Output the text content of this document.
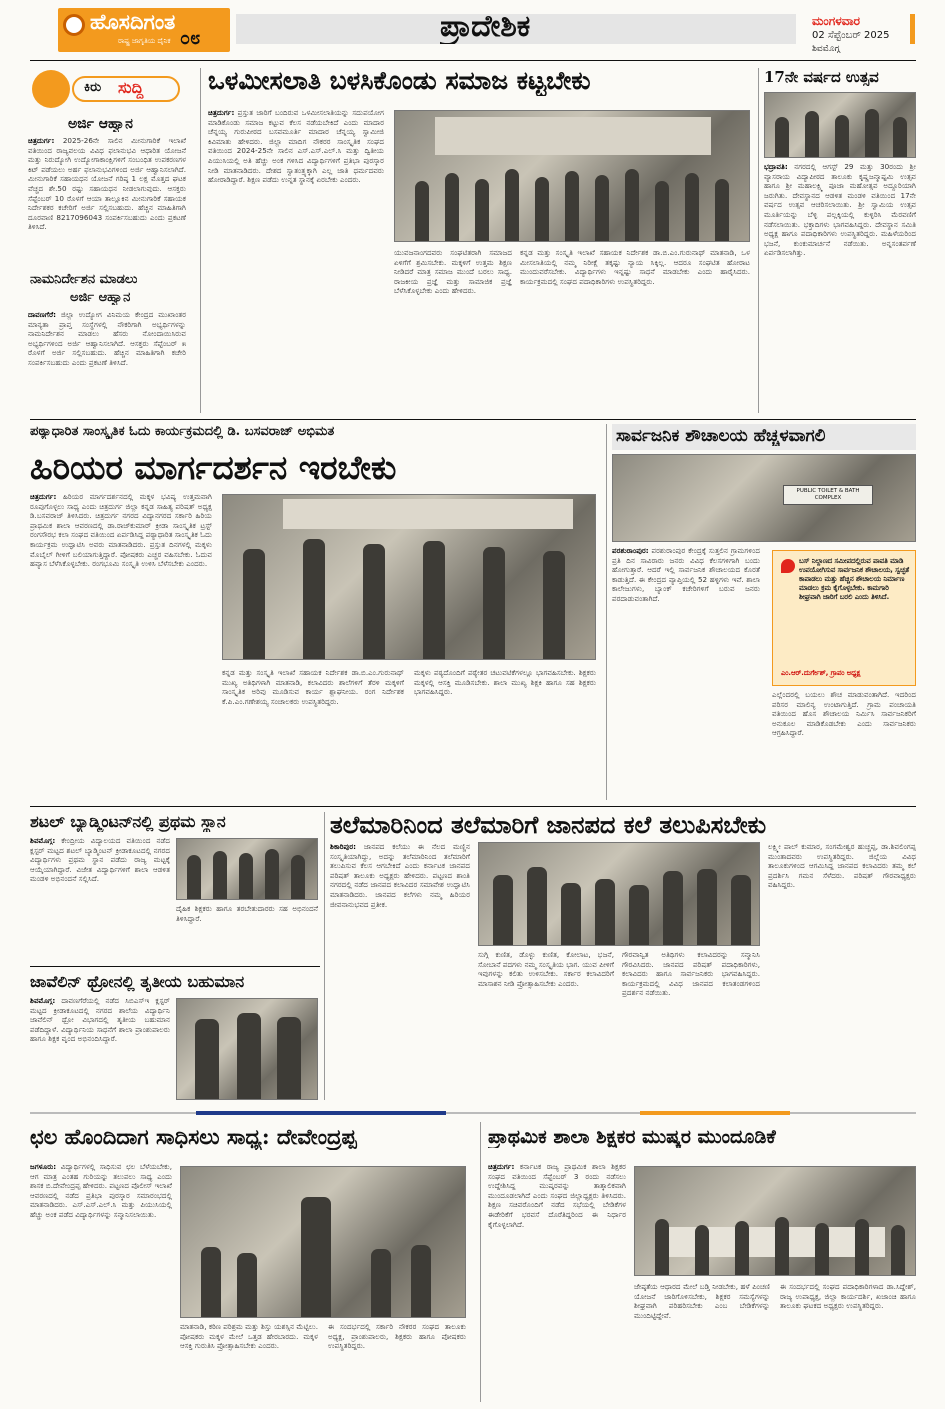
ಹೊಸದಿಗಂತ
ರಾಷ್ಟ್ರ ಜಾಗೃತಿಯ ದೈನಿಕ ೦೮	ಪ್ರಾದೇಶಿಕ	ಮಂಗಳವಾರ
02 ಸೆಪ್ಟೆಂಬರ್ 2025
ಶಿವಮೊಗ್ಗ
ಕಿರು ಸುದ್ದಿ
ಅರ್ಜಿ ಆಹ್ವಾನ
ಚಿತ್ರದುರ್ಗ: 2025-26ನೇ ಸಾಲಿನ ಮೀನುಗಾರಿಕೆ ಇಲಾಖೆ ವತಿಯಿಂದ ರಾಜ್ಯವಲಯ ವಿವಿಧ ಫಲಾನುಭವಿ ಆಧಾರಿತ ಯೋಜನೆ ಮತ್ತು ನಿರುದ್ಯೋಗಿ ಉದ್ಯೋಗಾಕಾಂಕ್ಷಿಗಳಿಗೆ ಸಂಬಂಧಿತ ಉಪಕರಣಗಳ ಕಿಟ್ ಪಡೆಯಲು ಅರ್ಹ ಫಲಾನುಭವಿಗಳಿಂದ ಅರ್ಜಿ ಆಹ್ವಾನಿಸಲಾಗಿದೆ. ಮೀನುಗಾರಿಕೆ ಸಹಾಯಧನ ಯೋಜನೆ ಗರಿಷ್ಠ 1 ಲಕ್ಷ ಮೊತ್ತದ ಘಟಕ ವೆಚ್ಚದ ಶೇ.50 ರಷ್ಟು ಸಹಾಯಧನ ನೀಡಲಾಗುವುದು. ಆಸಕ್ತರು ಸೆಪ್ಟೆಂಬರ್ 10 ರೊಳಗೆ ಆಯಾ ತಾಲ್ಲೂಕಿನ ಮೀನುಗಾರಿಕೆ ಸಹಾಯಕ ನಿರ್ದೇಶಕರ ಕಚೇರಿಗೆ ಅರ್ಜಿ ಸಲ್ಲಿಸಬಹುದು. ಹೆಚ್ಚಿನ ಮಾಹಿತಿಗಾಗಿ ದೂರವಾಣಿ 8217096043 ಸಂಪರ್ಕಿಸಬಹುದು ಎಂದು ಪ್ರಕಟಣೆ ತಿಳಿಸಿದೆ.
ನಾಮನಿರ್ದೇಶನ ಮಾಡಲು
ಅರ್ಜಿ ಆಹ್ವಾನ
ದಾವಣಗೆರೆ: ಜಿಲ್ಲಾ ಉದ್ಯೋಗ ವಿನಿಮಯ ಕೇಂದ್ರದ ಮುಖಾಂತರ ಮಾನ್ಯತಾ ಪ್ರಾಪ್ತ ಸಂಸ್ಥೆಗಳಲ್ಲಿ ನೌಕರಿಗಾಗಿ ಅಭ್ಯರ್ಥಿಗಳನ್ನು ನಾಮನಿರ್ದೇಶನ ಮಾಡಲು ಹೆಸರು ನೋಂದಾಯಿಸಿರುವ ಅಭ್ಯರ್ಥಿಗಳಿಂದ ಅರ್ಜಿ ಆಹ್ವಾನಿಸಲಾಗಿದೆ. ಆಸಕ್ತರು ಸೆಪ್ಟೆಂಬರ್ ೫ ರೊಳಗೆ ಅರ್ಜಿ ಸಲ್ಲಿಸಬಹುದು. ಹೆಚ್ಚಿನ ಮಾಹಿತಿಗಾಗಿ ಕಚೇರಿ ಸಂಪರ್ಕಿಸಬಹುದು ಎಂದು ಪ್ರಕಟಣೆ ತಿಳಿಸಿದೆ.
ಒಳಮೀಸಲಾತಿ ಬಳಸಿಕೊಂಡು ಸಮಾಜ ಕಟ್ಟಬೇಕು
ಚಿತ್ರದುರ್ಗ: ಪ್ರಸ್ತುತ ಜಾರಿಗೆ ಬಂದಿರುವ ಒಳಮೀಸಲಾತಿಯನ್ನು ಸದುಪಯೋಗ ಮಾಡಿಕೊಂಡು ಸಮಾಜ ಕಟ್ಟುವ ಕೆಲಸ ನಡೆಯಬೇಕಿದೆ ಎಂದು ಮಾದಾರ ಚೆನ್ನಯ್ಯ ಗುರುಪೀಠದ ಬಸವಮೂರ್ತಿ ಮಾದಾರ ಚೆನ್ನಯ್ಯ ಸ್ವಾಮೀಜಿ ಕಿವಿಮಾತು ಹೇಳಿದರು. ಜಿಲ್ಲಾ ಮಾದಿಗ ನೌಕರರ ಸಾಂಸ್ಕೃತಿಕ ಸಂಘದ ವತಿಯಿಂದ 2024-25ನೇ ಸಾಲಿನ ಎಸ್.ಎಸ್.ಎಲ್.ಸಿ ಮತ್ತು ದ್ವಿತೀಯ ಪಿಯುಸಿಯಲ್ಲಿ ಅತಿ ಹೆಚ್ಚು ಅಂಕ ಗಳಿಸಿದ ವಿದ್ಯಾರ್ಥಿಗಳಿಗೆ ಪ್ರತಿಭಾ ಪುರಸ್ಕಾರ ನೀಡಿ ಮಾತನಾಡಿದರು. ದೇಶದ ಸ್ವಾತಂತ್ರ್ಯಕ್ಕಾಗಿ ಎಲ್ಲ ಜಾತಿ ಧರ್ಮದವರು ಹೋರಾಡಿದ್ದಾರೆ. ಶಿಕ್ಷಣ ಪಡೆದು ಉನ್ನತ ಸ್ಥಾನಕ್ಕೆ ಏರಬೇಕು ಎಂದರು.
ಯುವಜನಾಂಗದವರು ಸಂಘಟಿತರಾಗಿ ಸಮಾಜದ ಏಳಿಗೆಗೆ ಶ್ರಮಿಸಬೇಕು. ಮಕ್ಕಳಿಗೆ ಉತ್ತಮ ಶಿಕ್ಷಣ ನೀಡಿದರೆ ಮಾತ್ರ ಸಮಾಜ ಮುಂದೆ ಬರಲು ಸಾಧ್ಯ. ರಾಜಕೀಯ ಪ್ರಜ್ಞೆ ಮತ್ತು ಸಾಮಾಜಿಕ ಪ್ರಜ್ಞೆ ಬೆಳೆಸಿಕೊಳ್ಳಬೇಕು ಎಂದು ಹೇಳಿದರು.
ಕನ್ನಡ ಮತ್ತು ಸಂಸ್ಕೃತಿ ಇಲಾಖೆ ಸಹಾಯಕ ನಿರ್ದೇಶಕ ಡಾ.ಬಿ.ಎಂ.ಗುರುನಾಥ್ ಮಾತನಾಡಿ, ಒಳ ಮೀಸಲಾತಿಯಲ್ಲಿ ನಮ್ಮ ನಿರೀಕ್ಷೆ ತಕ್ಕಷ್ಟು ನ್ಯಾಯ ಸಿಕ್ಕಿಲ್ಲ. ಆದರೂ ಸಂಘಟಿತ ಹೋರಾಟ ಮುಂದುವರೆಸಬೇಕು. ವಿದ್ಯಾರ್ಥಿಗಳು ಇನ್ನಷ್ಟು ಸಾಧನೆ ಮಾಡಬೇಕು ಎಂದು ಹಾರೈಸಿದರು. ಕಾರ್ಯಕ್ರಮದಲ್ಲಿ ಸಂಘದ ಪದಾಧಿಕಾರಿಗಳು ಉಪಸ್ಥಿತರಿದ್ದರು.
17ನೇ ವರ್ಷದ ಉತ್ಸವ
ಭದ್ರಾವತಿ: ನಗರದಲ್ಲಿ ಆಗಸ್ಟ್ 29 ಮತ್ತು 30ರಂದು ಶ್ರೀ ವ್ಯಾಸರಾಯ ವಿದ್ಯಾಪೀಠದ ತಾಲೂಕು ಕೃಷ್ಣಜನ್ಮಾಷ್ಟಮಿ ಉತ್ಸವ ಹಾಗೂ ಶ್ರೀ ಮಹಾಲಕ್ಷ್ಮಿ ಪೂಜಾ ಮಹೋತ್ಸವ ಅದ್ದೂರಿಯಾಗಿ ಜರುಗಿತು. ದೇವಸ್ಥಾನದ ಆಡಳಿತ ಮಂಡಳಿ ವತಿಯಿಂದ 17ನೇ ವರ್ಷದ ಉತ್ಸವ ಆಚರಿಸಲಾಯಿತು. ಶ್ರೀ ಸ್ವಾಮಿಯ ಉತ್ಸವ ಮೂರ್ತಿಯನ್ನು ಬೆಳ್ಳಿ ಪಲ್ಲಕ್ಕಿಯಲ್ಲಿ ಕುಳ್ಳಿರಿಸಿ ಮೆರವಣಿಗೆ ನಡೆಸಲಾಯಿತು. ಭಕ್ತಾದಿಗಳು ಭಾಗವಹಿಸಿದ್ದರು. ದೇವಸ್ಥಾನ ಸಮಿತಿ ಅಧ್ಯಕ್ಷ ಹಾಗೂ ಪದಾಧಿಕಾರಿಗಳು ಉಪಸ್ಥಿತರಿದ್ದರು. ಮಹಿಳೆಯರಿಂದ ಭಜನೆ, ಕುಂಕುಮಾರ್ಚನೆ ನಡೆಯಿತು. ಅನ್ನಸಂತರ್ಪಣೆ ಏರ್ಪಡಿಸಲಾಗಿತ್ತು.
ಪಠ್ಯಾಧಾರಿತ ಸಾಂಸ್ಕೃತಿಕ ಓದು ಕಾರ್ಯಕ್ರಮದಲ್ಲಿ ಡಿ. ಬಸವರಾಜ್ ಅಭಿಮತ
ಹಿರಿಯರ ಮಾರ್ಗದರ್ಶನ ಇರಬೇಕು
ಚಿತ್ರದುರ್ಗ: ಹಿರಿಯರ ಮಾರ್ಗದರ್ಶನದಲ್ಲಿ ಮಕ್ಕಳ ಭವಿಷ್ಯ ಉತ್ತಮವಾಗಿ ರೂಪುಗೊಳ್ಳಲು ಸಾಧ್ಯ ಎಂದು ಚಿತ್ರದುರ್ಗ ಜಿಲ್ಲಾ ಕನ್ನಡ ಸಾಹಿತ್ಯ ಪರಿಷತ್ ಅಧ್ಯಕ್ಷ ಡಿ.ಬಸವರಾಜ್ ತಿಳಿಸಿದರು. ಚಿತ್ರದುರ್ಗ ನಗರದ ವಿದ್ಯಾನಗರದ ಸರ್ಕಾರಿ ಹಿರಿಯ ಪ್ರಾಥಮಿಕ ಶಾಲಾ ಆವರಣದಲ್ಲಿ ಡಾ.ರಾಜ್‍ಕುಮಾರ್ ಕ್ರೀಡಾ ಸಾಂಸ್ಕೃತಿಕ ಟ್ರಸ್ಟ್ ರಂಗಸೌರಭ ಕಲಾ ಸಂಘದ ವತಿಯಿಂದ ಏರ್ಪಡಿಸಿದ್ದ ಪಠ್ಯಾಧಾರಿತ ಸಾಂಸ್ಕೃತಿಕ ಓದು ಕಾರ್ಯಕ್ರಮ ಉದ್ಘಾಟಿಸಿ ಅವರು ಮಾತನಾಡಿದರು. ಪ್ರಸ್ತುತ ದಿನಗಳಲ್ಲಿ ಮಕ್ಕಳು ಮೊಬೈಲ್ ಗೀಳಿಗೆ ಬಲಿಯಾಗುತ್ತಿದ್ದಾರೆ. ಪೋಷಕರು ಎಚ್ಚರ ವಹಿಸಬೇಕು. ಓದುವ ಹವ್ಯಾಸ ಬೆಳೆಸಿಕೊಳ್ಳಬೇಕು. ರಂಗಭೂಮಿ ಸಂಸ್ಕೃತಿ ಉಳಿಸಿ ಬೆಳೆಸಬೇಕು ಎಂದರು.
ಕನ್ನಡ ಮತ್ತು ಸಂಸ್ಕೃತಿ ಇಲಾಖೆ ಸಹಾಯಕ ನಿರ್ದೇಶಕ ಡಾ.ಬಿ.ಎಂ.ಗುರುನಾಥ್ ಮುಖ್ಯ ಅತಿಥಿಗಳಾಗಿ ಮಾತನಾಡಿ, ಕಲಾವಿದರು ಶಾಲೆಗಳಿಗೆ ತೆರಳಿ ಮಕ್ಕಳಿಗೆ ಸಾಂಸ್ಕೃತಿಕ ಅರಿವು ಮೂಡಿಸುವ ಕಾರ್ಯ ಶ್ಲಾಘನೀಯ. ರಂಗ ನಿರ್ದೇಶಕ ಕೆ.ಪಿ.ಎಂ.ಗಣೇಶಯ್ಯ ಸಂಚಾಲಕರು ಉಪಸ್ಥಿತರಿದ್ದರು.
ಮಕ್ಕಳು ಪಠ್ಯದೊಂದಿಗೆ ಪಠ್ಯೇತರ ಚಟುವಟಿಕೆಗಳಲ್ಲೂ ಭಾಗವಹಿಸಬೇಕು. ಶಿಕ್ಷಕರು ಮಕ್ಕಳಲ್ಲಿ ಆಸಕ್ತಿ ಮೂಡಿಸಬೇಕು. ಶಾಲಾ ಮುಖ್ಯ ಶಿಕ್ಷಕಿ ಹಾಗೂ ಸಹ ಶಿಕ್ಷಕರು ಭಾಗವಹಿಸಿದ್ದರು.
ಸಾರ್ವಜನಿಕ ಶೌಚಾಲಯ ಹೆಚ್ಚಳವಾಗಲಿ
PUBLIC TOILET & BATH COMPLEX
ಪರಶುರಾಂಪುರ: ಪರಶುರಾಂಪುರ ಕೇಂದ್ರಕ್ಕೆ ಸುತ್ತಲಿನ ಗ್ರಾಮಗಳಿಂದ ಪ್ರತಿ ದಿನ ಸಾವಿರಾರು ಜನರು ವಿವಿಧ ಕೆಲಸಗಳಿಗಾಗಿ ಬಂದು ಹೋಗುತ್ತಾರೆ. ಆದರೆ ಇಲ್ಲಿ ಸಾರ್ವಜನಿಕ ಶೌಚಾಲಯದ ಕೊರತೆ ಕಾಡುತ್ತಿದೆ. ಈ ಕೇಂದ್ರದ ವ್ಯಾಪ್ತಿಯಲ್ಲಿ 52 ಹಳ್ಳಿಗಳು ಇವೆ. ಶಾಲಾ ಕಾಲೇಜುಗಳು, ಬ್ಯಾಂಕ್ ಕಚೇರಿಗಳಿಗೆ ಬರುವ ಜನರು ಪರದಾಡುವಂತಾಗಿದೆ.
ಬಸ್ ನಿಲ್ದಾಣದ ಸಮೀಪದಲ್ಲಿರುವ ಪಾವತಿ ಮಾಡಿ ಉಪಯೋಗಿಸುವ ಸಾರ್ವಜನಿಕ ಶೌಚಾಲಯ, ಸ್ವಚ್ಛತೆ ಕಾಪಾಡಲು ಮತ್ತು ಹೆಚ್ಚಿನ ಶೌಚಾಲಯ ನಿರ್ಮಾಣ ಮಾಡಲು ಕ್ರಮ ಕೈಗೊಳ್ಳಬೇಕು. ಕಾಮಗಾರಿ ಶೀಘ್ರವಾಗಿ ಜಾರಿಗೆ ಬರಲಿ ಎಂದು ತಿಳಿಸಿದೆ.
ಎಂ.ಆರ್.ದುರ್ಗೇಶ್, ಗ್ರಾಪಂ ಅಧ್ಯಕ್ಷ
ಎಲ್ಲೆಂದರಲ್ಲಿ ಬಯಲು ಶೌಚ ಮಾಡುವಂತಾಗಿದೆ. ಇದರಿಂದ ಪರಿಸರ ಮಾಲಿನ್ಯ ಉಂಟಾಗುತ್ತಿದೆ. ಗ್ರಾಮ ಪಂಚಾಯತಿ ವತಿಯಿಂದ ಹೊಸ ಶೌಚಾಲಯ ನಿರ್ಮಿಸಿ ಸಾರ್ವಜನಿಕರಿಗೆ ಅನುಕೂಲ ಮಾಡಿಕೊಡಬೇಕು ಎಂದು ಸಾರ್ವಜನಿಕರು ಆಗ್ರಹಿಸಿದ್ದಾರೆ.
ಶಟಲ್ ಬ್ಯಾಡ್ಮಿಂಟನ್‍ನಲ್ಲಿ ಪ್ರಥಮ ಸ್ಥಾನ
ಶಿವಮೊಗ್ಗ: ಕೇಂದ್ರೀಯ ವಿದ್ಯಾಲಯದ ವತಿಯಿಂದ ನಡೆದ ಕ್ಲಸ್ಟರ್ ಮಟ್ಟದ ಶಟಲ್ ಬ್ಯಾಡ್ಮಿಂಟನ್ ಕ್ರೀಡಾಕೂಟದಲ್ಲಿ ನಗರದ ವಿದ್ಯಾರ್ಥಿಗಳು ಪ್ರಥಮ ಸ್ಥಾನ ಪಡೆದು ರಾಜ್ಯ ಮಟ್ಟಕ್ಕೆ ಆಯ್ಕೆಯಾಗಿದ್ದಾರೆ. ವಿಜೇತ ವಿದ್ಯಾರ್ಥಿಗಳಿಗೆ ಶಾಲಾ ಆಡಳಿತ ಮಂಡಳಿ ಅಭಿನಂದನೆ ಸಲ್ಲಿಸಿದೆ.
ದೈಹಿಕ ಶಿಕ್ಷಕರು ಹಾಗೂ ತರಬೇತುದಾರರು ಸಹ ಅಭಿನಂದನೆ ತಿಳಿಸಿದ್ದಾರೆ.
ಜಾವೆಲಿನ್ ಥ್ರೋನಲ್ಲಿ ತೃತೀಯ ಬಹುಮಾನ
ಶಿವಮೊಗ್ಗ: ದಾವಣಗೆರೆಯಲ್ಲಿ ನಡೆದ ಸಿಬಿಎಸ್‍ಇ ಕ್ಲಸ್ಟರ್ ಮಟ್ಟದ ಕ್ರೀಡಾಕೂಟದಲ್ಲಿ ನಗರದ ಶಾಲೆಯ ವಿದ್ಯಾರ್ಥಿನಿ ಜಾವೆಲಿನ್ ಥ್ರೋ ವಿಭಾಗದಲ್ಲಿ ತೃತೀಯ ಬಹುಮಾನ ಪಡೆದಿದ್ದಾಳೆ. ವಿದ್ಯಾರ್ಥಿನಿಯ ಸಾಧನೆಗೆ ಶಾಲಾ ಪ್ರಾಂಶುಪಾಲರು ಹಾಗೂ ಶಿಕ್ಷಕ ವೃಂದ ಅಭಿನಂದಿಸಿದ್ದಾರೆ.
ತಲೆಮಾರಿನಿಂದ ತಲೆಮಾರಿಗೆ ಜಾನಪದ ಕಲೆ ತಲುಪಿಸಬೇಕು
ಶಿಕಾರಿಪುರ: ಜಾನಪದ ಕಲೆಯು ಈ ನೆಲದ ಮಣ್ಣಿನ ಸಂಸ್ಕೃತಿಯಾಗಿದ್ದು, ಅದನ್ನು ತಲೆಮಾರಿನಿಂದ ತಲೆಮಾರಿಗೆ ತಲುಪಿಸುವ ಕೆಲಸ ಆಗಬೇಕಿದೆ ಎಂದು ಕರ್ನಾಟಕ ಜಾನಪದ ಪರಿಷತ್ ತಾಲೂಕು ಅಧ್ಯಕ್ಷರು ಹೇಳಿದರು. ಪಟ್ಟಣದ ಶಾಂತಿ ನಗರದಲ್ಲಿ ನಡೆದ ಜಾನಪದ ಕಲಾವಿದರ ಸಮಾವೇಶ ಉದ್ಘಾಟಿಸಿ ಮಾತನಾಡಿದರು. ಜಾನಪದ ಕಲೆಗಳು ನಮ್ಮ ಹಿರಿಯರ ಜೀವನಾನುಭವದ ಪ್ರತೀಕ.
ಸುಗ್ಗಿ ಕುಣಿತ, ಡೊಳ್ಳು ಕುಣಿತ, ಕೋಲಾಟ, ಭಜನೆ, ಸೋಬಾನೆ ಪದಗಳು ನಮ್ಮ ಸಂಸ್ಕೃತಿಯ ಭಾಗ. ಯುವ ಪೀಳಿಗೆ ಇವುಗಳನ್ನು ಕಲಿತು ಉಳಿಸಬೇಕು. ಸರ್ಕಾರ ಕಲಾವಿದರಿಗೆ ಮಾಸಾಶನ ನೀಡಿ ಪ್ರೋತ್ಸಾಹಿಸಬೇಕು ಎಂದರು.
ಗೌರವಾನ್ವಿತ ಅತಿಥಿಗಳು ಕಲಾವಿದರನ್ನು ಸನ್ಮಾನಿಸಿ ಗೌರವಿಸಿದರು. ಜಾನಪದ ಪರಿಷತ್ ಪದಾಧಿಕಾರಿಗಳು, ಕಲಾವಿದರು ಹಾಗೂ ಸಾರ್ವಜನಿಕರು ಭಾಗವಹಿಸಿದ್ದರು. ಕಾರ್ಯಕ್ರಮದಲ್ಲಿ ವಿವಿಧ ಜಾನಪದ ಕಲಾತಂಡಗಳಿಂದ ಪ್ರದರ್ಶನ ನಡೆಯಿತು.
ಲಕ್ಷ್ಮೀ ಪಾಲ್ ಕುಮಾರ, ಸಂಗಮೇಶ್ವರ ಹುಚ್ಚಪ್ಪ, ಡಾ.ಶಿವಲಿಂಗಪ್ಪ ಮುಂತಾದವರು ಉಪಸ್ಥಿತರಿದ್ದರು. ಜಿಲ್ಲೆಯ ವಿವಿಧ ತಾಲೂಕುಗಳಿಂದ ಆಗಮಿಸಿದ್ದ ಜಾನಪದ ಕಲಾವಿದರು ತಮ್ಮ ಕಲೆ ಪ್ರದರ್ಶಿಸಿ ಗಮನ ಸೆಳೆದರು. ಪರಿಷತ್ ಗೌರವಾಧ್ಯಕ್ಷರು ವಹಿಸಿದ್ದರು.
ಛಲ ಹೊಂದಿದಾಗ ಸಾಧಿಸಲು ಸಾಧ್ಯ: ದೇವೇಂದ್ರಪ್ಪ
ಜಗಳೂರು: ವಿದ್ಯಾರ್ಥಿಗಳಲ್ಲಿ ಸಾಧಿಸುವ ಛಲ ಬೆಳೆಯಬೇಕು, ಆಗ ಮಾತ್ರ ಎಂತಹ ಗುರಿಯನ್ನು ತಲುಪಲು ಸಾಧ್ಯ ಎಂದು ಶಾಸಕ ಬಿ.ದೇವೇಂದ್ರಪ್ಪ ಹೇಳಿದರು. ಪಟ್ಟಣದ ಪೊಲೀಸ್ ಇಲಾಖೆ ಆವರಣದಲ್ಲಿ ನಡೆದ ಪ್ರತಿಭಾ ಪುರಸ್ಕಾರ ಸಮಾರಂಭದಲ್ಲಿ ಮಾತನಾಡಿದರು. ಎಸ್.ಎಸ್.ಎಲ್.ಸಿ ಮತ್ತು ಪಿಯುಸಿಯಲ್ಲಿ ಹೆಚ್ಚು ಅಂಕ ಪಡೆದ ವಿದ್ಯಾರ್ಥಿಗಳನ್ನು ಸನ್ಮಾನಿಸಲಾಯಿತು.
ಮಾತನಾಡಿ, ಕಠಿಣ ಪರಿಶ್ರಮ ಮತ್ತು ಶಿಸ್ತು ಯಶಸ್ಸಿನ ಮೆಟ್ಟಿಲು. ಪೋಷಕರು ಮಕ್ಕಳ ಮೇಲೆ ಒತ್ತಡ ಹೇರಬಾರದು. ಮಕ್ಕಳ ಆಸಕ್ತಿ ಗುರುತಿಸಿ ಪ್ರೋತ್ಸಾಹಿಸಬೇಕು ಎಂದರು.
ಈ ಸಂದರ್ಭದಲ್ಲಿ ಸರ್ಕಾರಿ ನೌಕರರ ಸಂಘದ ತಾಲೂಕು ಅಧ್ಯಕ್ಷ, ಪ್ರಾಂಶುಪಾಲರು, ಶಿಕ್ಷಕರು ಹಾಗೂ ಪೋಷಕರು ಉಪಸ್ಥಿತರಿದ್ದರು.
ಪ್ರಾಥಮಿಕ ಶಾಲಾ ಶಿಕ್ಷಕರ ಮುಷ್ಕರ ಮುಂದೂಡಿಕೆ
ಚಿತ್ರದುರ್ಗ: ಕರ್ನಾಟಕ ರಾಜ್ಯ ಪ್ರಾಥಮಿಕ ಶಾಲಾ ಶಿಕ್ಷಕರ ಸಂಘದ ವತಿಯಿಂದ ಸೆಪ್ಟೆಂಬರ್ 3 ರಂದು ನಡೆಸಲು ಉದ್ದೇಶಿಸಿದ್ದ ಮುಷ್ಕರವನ್ನು ತಾತ್ಕಾಲಿಕವಾಗಿ ಮುಂದೂಡಲಾಗಿದೆ ಎಂದು ಸಂಘದ ಜಿಲ್ಲಾಧ್ಯಕ್ಷರು ತಿಳಿಸಿದರು. ಶಿಕ್ಷಣ ಸಚಿವರೊಂದಿಗೆ ನಡೆದ ಸಭೆಯಲ್ಲಿ ಬೇಡಿಕೆಗಳ ಈಡೇರಿಕೆಗೆ ಭರವಸೆ ದೊರೆತಿದ್ದರಿಂದ ಈ ನಿರ್ಧಾರ ಕೈಗೊಳ್ಳಲಾಗಿದೆ.
ಜೇಷ್ಠತೆಯ ಆಧಾರದ ಮೇಲೆ ಬಡ್ತಿ ನೀಡಬೇಕು, ಹಳೆ ಪಿಂಚಣಿ ಯೋಜನೆ ಜಾರಿಗೊಳಿಸಬೇಕು, ಶಿಕ್ಷಕರ ಸಮಸ್ಯೆಗಳನ್ನು ಶೀಘ್ರವಾಗಿ ಪರಿಹರಿಸಬೇಕು ಎಂಬ ಬೇಡಿಕೆಗಳನ್ನು ಮುಂದಿಟ್ಟಿದ್ದೇವೆ.
ಈ ಸಂದರ್ಭದಲ್ಲಿ ಸಂಘದ ಪದಾಧಿಕಾರಿಗಳಾದ ಡಾ.ಸಿದ್ದೇಶ್, ರಾಜ್ಯ ಉಪಾಧ್ಯಕ್ಷ, ಜಿಲ್ಲಾ ಕಾರ್ಯದರ್ಶಿ, ಖಜಾಂಚಿ ಹಾಗೂ ತಾಲೂಕು ಘಟಕದ ಅಧ್ಯಕ್ಷರು ಉಪಸ್ಥಿತರಿದ್ದರು.
